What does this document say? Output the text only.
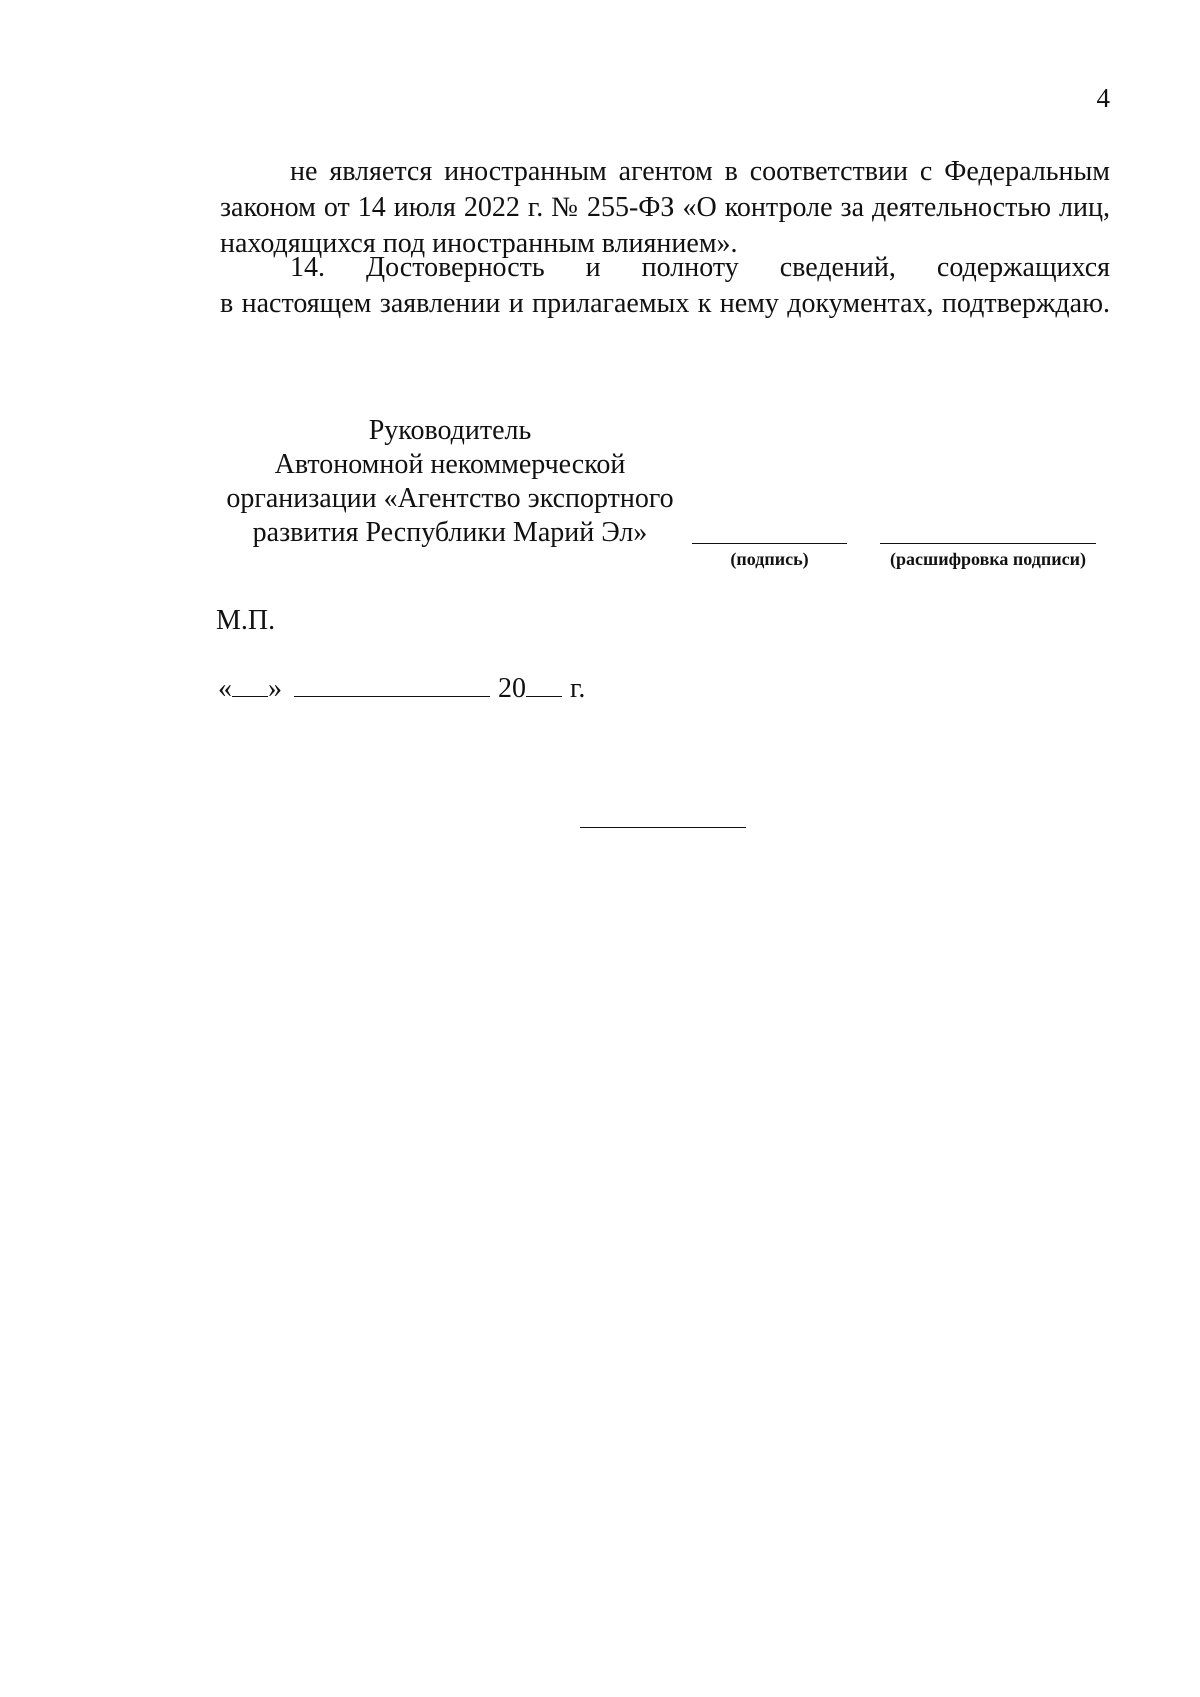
4
не является иностранным агентом в соответствии с Федеральным
законом от 14 июля 2022 г. № 255-ФЗ «О контроле за деятельностью лиц,
находящихся под иностранным влиянием».
14. Достоверность и полноту сведений, содержащихся
в настоящем заявлении и прилагаемых к нему документах, подтверждаю.
Руководитель
Автономной некоммерческой
организации «Агентство экспортного
развития Республики Марий Эл»
(подпись)	(расшифровка подписи)
М.П.
« »	20 г.
